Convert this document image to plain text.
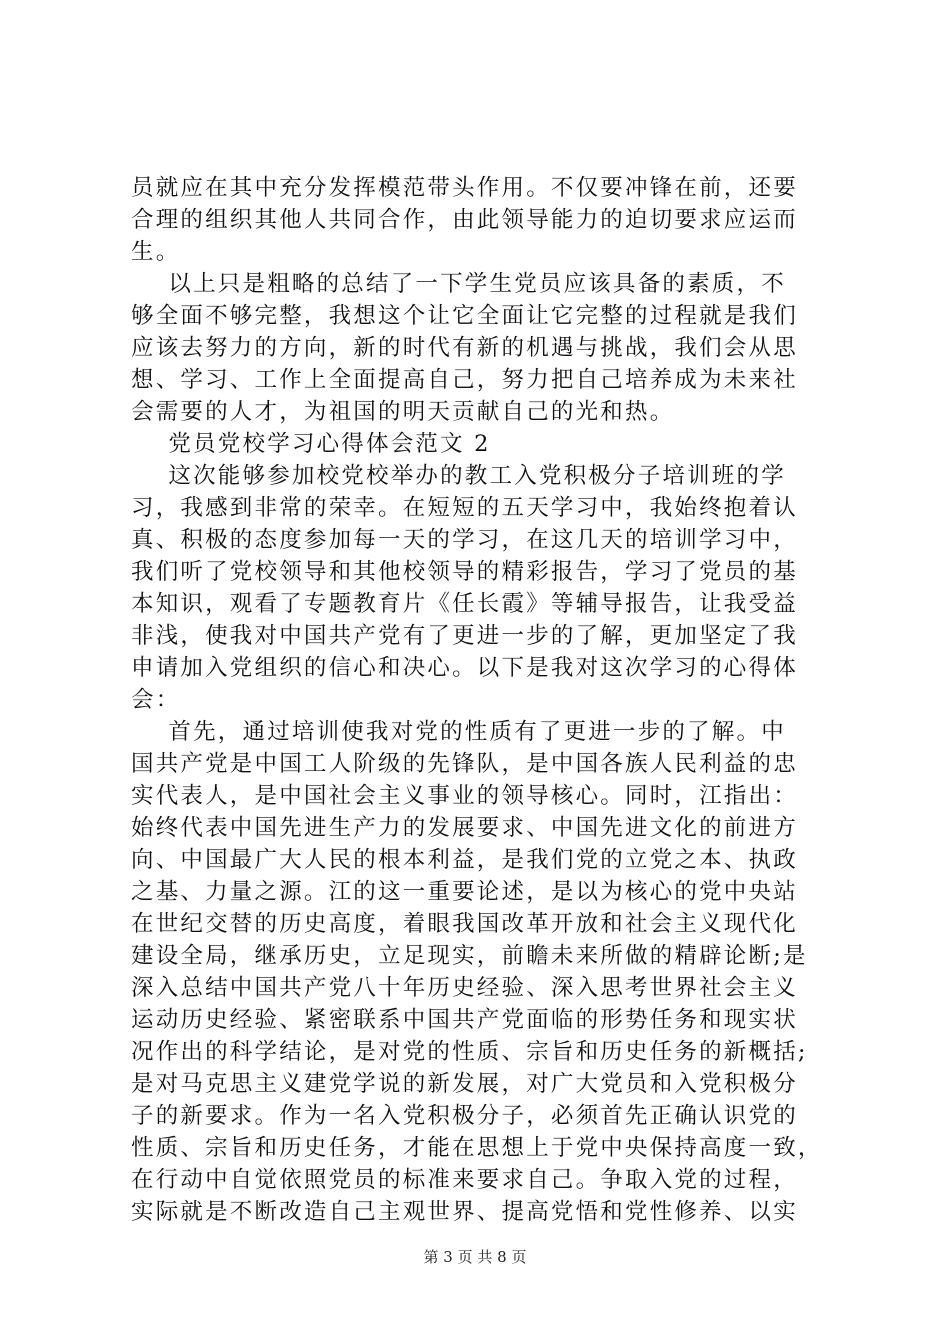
员就应在其中充分发挥模范带头作用。不仅要冲锋在前，还要
合理的组织其他人共同合作，由此领导能力的迫切要求应运而
生。
以上只是粗略的总结了一下学生党员应该具备的素质，不
够全面不够完整，我想这个让它全面让它完整的过程就是我们
应该去努力的方向，新的时代有新的机遇与挑战，我们会从思
想、学习、工作上全面提高自己，努力把自己培养成为未来社
会需要的人才，为祖国的明天贡献自己的光和热。
党员党校学习心得体会范文 2
这次能够参加校党校举办的教工入党积极分子培训班的学
习，我感到非常的荣幸。在短短的五天学习中，我始终抱着认
真、积极的态度参加每一天的学习，在这几天的培训学习中，
我们听了党校领导和其他校领导的精彩报告，学习了党员的基
本知识，观看了专题教育片《任长霞》等辅导报告，让我受益
非浅，使我对中国共产党有了更进一步的了解，更加坚定了我
申请加入党组织的信心和决心。以下是我对这次学习的心得体
会：
首先，通过培训使我对党的性质有了更进一步的了解。中
国共产党是中国工人阶级的先锋队，是中国各族人民利益的忠
实代表人，是中国社会主义事业的领导核心。同时，江指出：
始终代表中国先进生产力的发展要求、中国先进文化的前进方
向、中国最广大人民的根本利益，是我们党的立党之本、执政
之基、力量之源。江的这一重要论述，是以为核心的党中央站
在世纪交替的历史高度，着眼我国改革开放和社会主义现代化
建设全局，继承历史，立足现实，前瞻未来所做的精辟论断;是
深入总结中国共产党八十年历史经验、深入思考世界社会主义
运动历史经验、紧密联系中国共产党面临的形势任务和现实状
况作出的科学结论，是对党的性质、宗旨和历史任务的新概括;
是对马克思主义建党学说的新发展，对广大党员和入党积极分
子的新要求。作为一名入党积极分子，必须首先正确认识党的
性质、宗旨和历史任务，才能在思想上于党中央保持高度一致，
在行动中自觉依照党员的标准来要求自己。争取入党的过程，
实际就是不断改造自己主观世界、提高党悟和党性修养、以实
第 3 页 共 8 页
